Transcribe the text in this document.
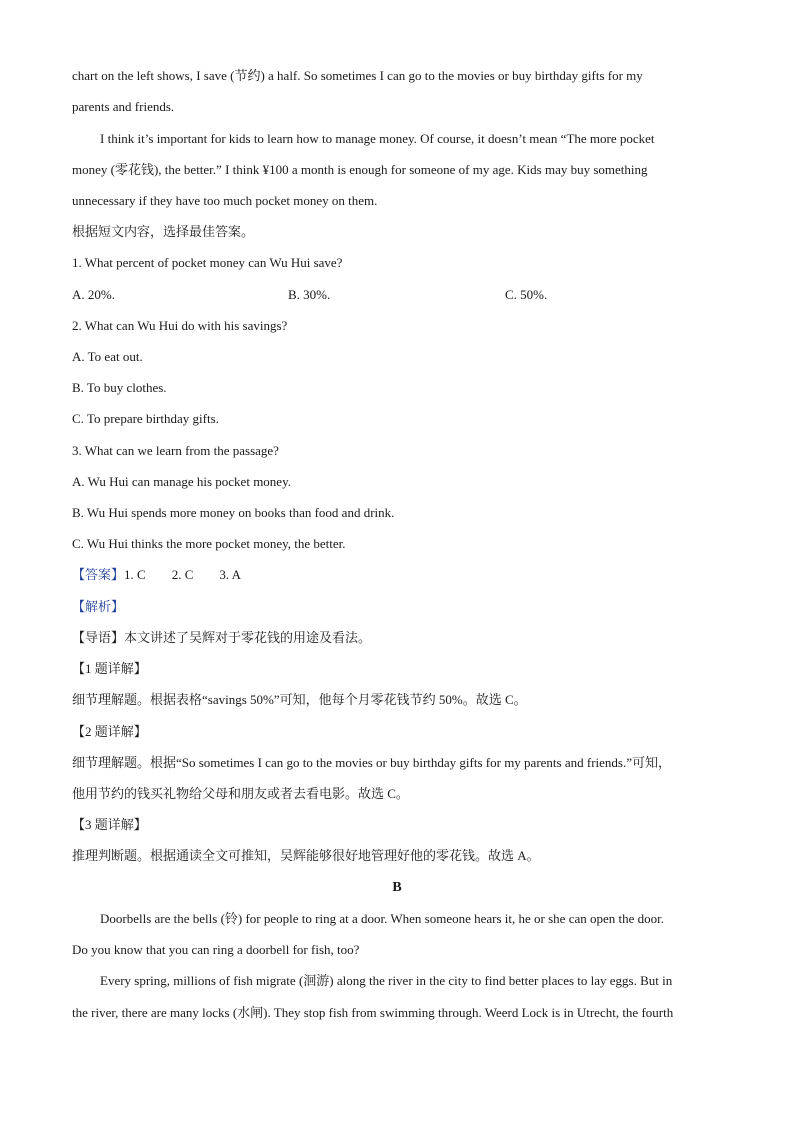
chart on the left shows, I save (节约) a half. So sometimes I can go to the movies or buy birthday gifts for my
parents and friends.
I think it’s important for kids to learn how to manage money. Of course, it doesn’t mean “The more pocket
money (零花钱), the better.” I think ¥100 a month is enough for someone of my age. Kids may buy something
unnecessary if they have too much pocket money on them.
根据短文内容，选择最佳答案。
1. What percent of pocket money can Wu Hui save?
A. 20%.	B. 30%.	C. 50%.
2. What can Wu Hui do with his savings?
A. To eat out.
B. To buy clothes.
C. To prepare birthday gifts.
3. What can we learn from the passage?
A. Wu Hui can manage his pocket money.
B. Wu Hui spends more money on books than food and drink.
C. Wu Hui thinks the more pocket money, the better.
【答案】1. C 2. C 3. A
【解析】
【导语】本文讲述了吴辉对于零花钱的用途及看法。
【1 题详解】
细节理解题。根据表格“savings 50%”可知，他每个月零花钱节约 50%。故选 C。
【2 题详解】
细节理解题。根据“So sometimes I can go to the movies or buy birthday gifts for my parents and friends.”可知，
他用节约的钱买礼物给父母和朋友或者去看电影。故选 C。
【3 题详解】
推理判断题。根据通读全文可推知，吴辉能够很好地管理好他的零花钱。故选 A。
B
Doorbells are the bells (铃) for people to ring at a door. When someone hears it, he or she can open the door.
Do you know that you can ring a doorbell for fish, too?
Every spring, millions of fish migrate (洄游) along the river in the city to find better places to lay eggs. But in
the river, there are many locks (水闸). They stop fish from swimming through. Weerd Lock is in Utrecht, the fourth
